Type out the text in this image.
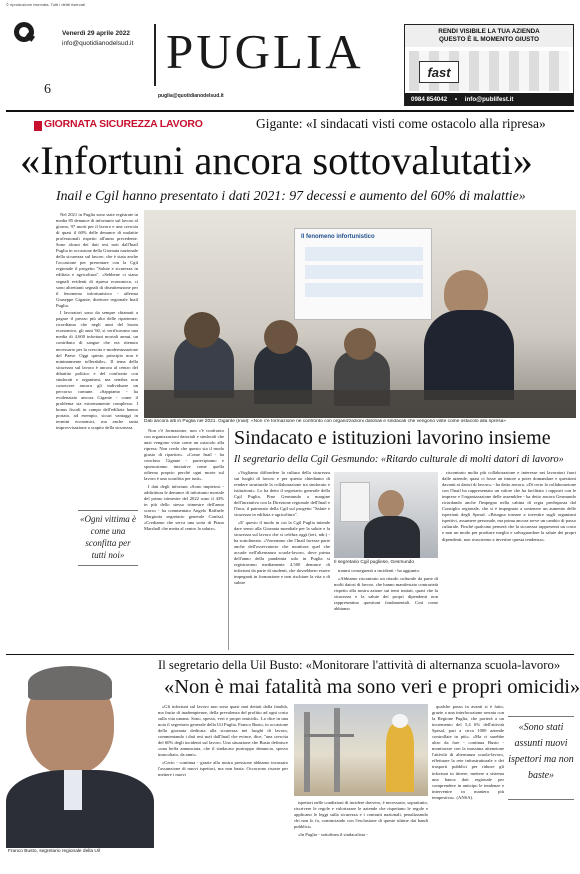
© riproduzione riservata. Tutti i diritti riservati
Venerdì 29 aprile 2022
info@quotidianodelsud.it PUGLIA
6	puglia@quotidianodelsud.it
RENDI VISIBILE LA TUA AZIENDA
QUESTO È IL MOMENTO GIUSTO
fast
0984 854042 • info@publifest.it
GIORNATA SICUREZZA LAVORO	Gigante: «I sindacati visti come ostacolo alla ripresa»
«Infortuni ancora sottovalutati»
Inail e Cgil hanno presentato i dati 2021: 97 decessi e aumento del 60% di malattie»
Il fenomeno infortunistico
Dati ancora alti in Puglia nel 2021. Gigante (Inail): «Non c'è formazione nè confronto con organizzazioni datoriali e sindacati che vengono viste come ostacolo alla ripresa»

Nel 2021 in Puglia sono state registrate in media 85 denunce di infortunio sul lavoro al giorno, 97 morti per il lavoro e una crescita di quasi il 60% delle denunce di malattie professionali rispetto all'anno precedente. Sono alcuni dei dati resi noti dall'Inail Puglia in occasione della Giornata nazionale della sicurezza sul lavoro, che è stata anche l'occasione per presentare con la Cgil regionale il progetto "Salute e sicurezza in edilizia e agricoltura". «Sebbene ci siano segnali evidenti di ripresa economica, ci sono altrettanti segnali di diseattenzione per il fenomeno infortunistico - afferma Giuseppe Gigante, direttore regionale Inail Puglia.

I lavoratori sono da sempre chiamati a pagare il prezzo più alto delle ripartenze: ricordiamo che negli anni del boom economico, gli anni '60, si verificavano una media di 4.600 infortuni mortali annui, un contributo di sangue che era ritenuto necessario per la crescita e modernizzazione del Paese. Oggi questo principio non è minimamente tollerabile». Il tema della sicurezza sul lavoro è ancora al centro del dibattito politico e del confronto con sindacati e organismi, ma sembra non conoscere ancora gli individuare un percorso comune. «Sappiamo - ha evidenziato ancora Gigante - come il problema sia estremamente complesso. I bonus fiscali in campo dell'edilizia hanno portato, ad esempio, sicuri vantaggi in termini economici, ma anche tanta improvvisazione a scapito della sicurezza.

«Ogni vittima è come una sconfitta per tutti noi»

Non c'è formazione, non c'è confronto con organizzazioni datoriali e sindacali che anzi vengono viste come un ostacolo alla ripresa. Non credo che questo sia il modo giusto di ripartire». «Come Inail - ha concluso Gigante - partecipiamo e sponsoriamo iniziative come quella odierna proprio perché ogni morte sul lavoro è una sconfitta per tutti».

I dati degli infortuni «Sono impietosi - addirittura le denunce di infortunio mortale del primo trimestre del 2022 sono il 43% in più dello stesso trimestre dell'anno scorso - ha commentato Angelo Raffaele Margiotta segretario generale Confsal. «Crediamo che serva una sorta di Piano Marshall che metta al centro la salute».

Sindacato e istituzioni lavorino insieme
Il segretario della Cgil Gesmundo: «Ritardo culturale di molti datori di lavoro»

«Vogliamo diffondere la cultura della sicurezza sui luoghi di lavoro e per questo chiediamo di rendere strutturale la collaborazione tra sindacato e istituzioni». Lo ha detto il segretario generale della Cgil Puglia, Pino Gesmundo a margine dell'iniziativa con la Direzione regionale dell'Inail e l'Inca, il patronato della Cgil sul progetto "Salute e sicurezza in edilizia e agricoltura".

«E' questo il modo in cui la Cgil Puglia intende dare senso alla Giornata mondiale per la salute e la sicurezza sul lavoro che si celebra oggi (ieri, ndr.) - ha sottolineato. «Vorremmo che l'Inail facesse parte anche dell'osservatorio che monitora quel che accade nell'alternanza scuola-lavoro, dove prima dell'anno della pandemia solo in Puglia si registravano mediamente 4.500 denunce di infortuni da parte di studenti, che dovrebbero essere impegnati in formazione e non rischiare la vita o di subire

Il segretario Cgil pugliese, Gesmundo

traumi conseguenti a incidenti - ha aggiunto.

«Abbiamo riscontrato un ritardo culturale da parte di molti datori di lavoro, che hanno manifestato contrarietà rispetto alla nostra azione sui temi trattati, quasi che la sicurezza e la salute dei propri dipendenti non rappresentino questioni fondamentali. Così come abbiamo

riscontrato molta più collaborazione e interesse nei lavoratori fuori dalle aziende, quasi ci fosse un timore a poter domandare e questioni davanti ai datori di lavoro» - ha detto ancora. «Di certo la collaborazione con l'Inail ha rappresentato un valore che ha facilitato i rapporti con le imprese e l'organizzazione delle assemblee - ha detto ancora Gesmundo ricordando anche l'impegno nella cabina di regia predisposta dal Consiglio regionale, che si è impegnato a sostenere un aumento delle ispezioni degli Spesal. «Bisogna tornare a investire sugli organismi ispettivi, assumere personale, ma prima ancora serve un cambio di passo culturale. Finché qualcuno penserà che la sicurezza rappresenti un costo e non un modo per produrre meglio e salvaguardare la salute dei propri dipendenti, non riusciremo a invertire questa tendenza».

Franco Busto, segretario regionale della Uil
Il segretario della Uil Busto: «Monitorare l'attività di alternanza scuola-lavoro»
«Non è mai fatalità ma sono veri e propri omicidi»

«Gli infortuni sul lavoro non sono quasi mai dettati dalla fatalità, ma frutto di inadempienze, della prevalenza del profitto ad ogni costo sulla vita umana. Sono, spesso, veri e propri omicidi». Lo dice in una nota il segretario generale della Uil Puglia, Franco Busto, in occasione della giornata dedicata alla sicurezza nei luoghi di lavoro, commentando i dati resi noti dall'Inail che evince, dice, "una crescita del 60% degli incidenti sul lavoro. Una situazione che Busto definisce «una beffa annunciata, che il sindacato purtroppo denuncia, spesso inascoltato, da anni».

«Certo - continua - grazie alla nostra pressione abbiamo incassato l'assunzione di nuovi ispettori, ma non basta. Occorrono risorse per mettere i nuovi

ispettori nelle condizioni di incidere davvero, è necessario, soprattutto, riscrivere le regole e valorizzare le aziende che rispettano le regole e applicano le leggi sulla sicurezza e i contratti nazionali, penalizzando chi non lo fa, cominciando con l'esclusione di queste ultime dai bandi pubblici».

«In Puglia - sottolinea il sindacalista -

qualche passo in avanti si è fatto, grazie a una interlocuzione serrata con la Regione Puglia, che porterà a un incremento del 5,4 6% dell'attività Spesal, pari a circa 1000 aziende controllate in più». «Ma ci sarebbe altro da fare - continua Busto - monitorare con la massima attenzione l'attività di alternanza scuola-lavoro, effettuare la rete infrastrutturale e dei trasporti pubblici per ridurre gli infortuni in itinere, mettere a sistema una banca dati regionale per comprendere in anticipo le tendenze e intervenire in maniera più tempestiva». (ANSA).

«Sono stati assunti nuovi ispettori ma non baste»
